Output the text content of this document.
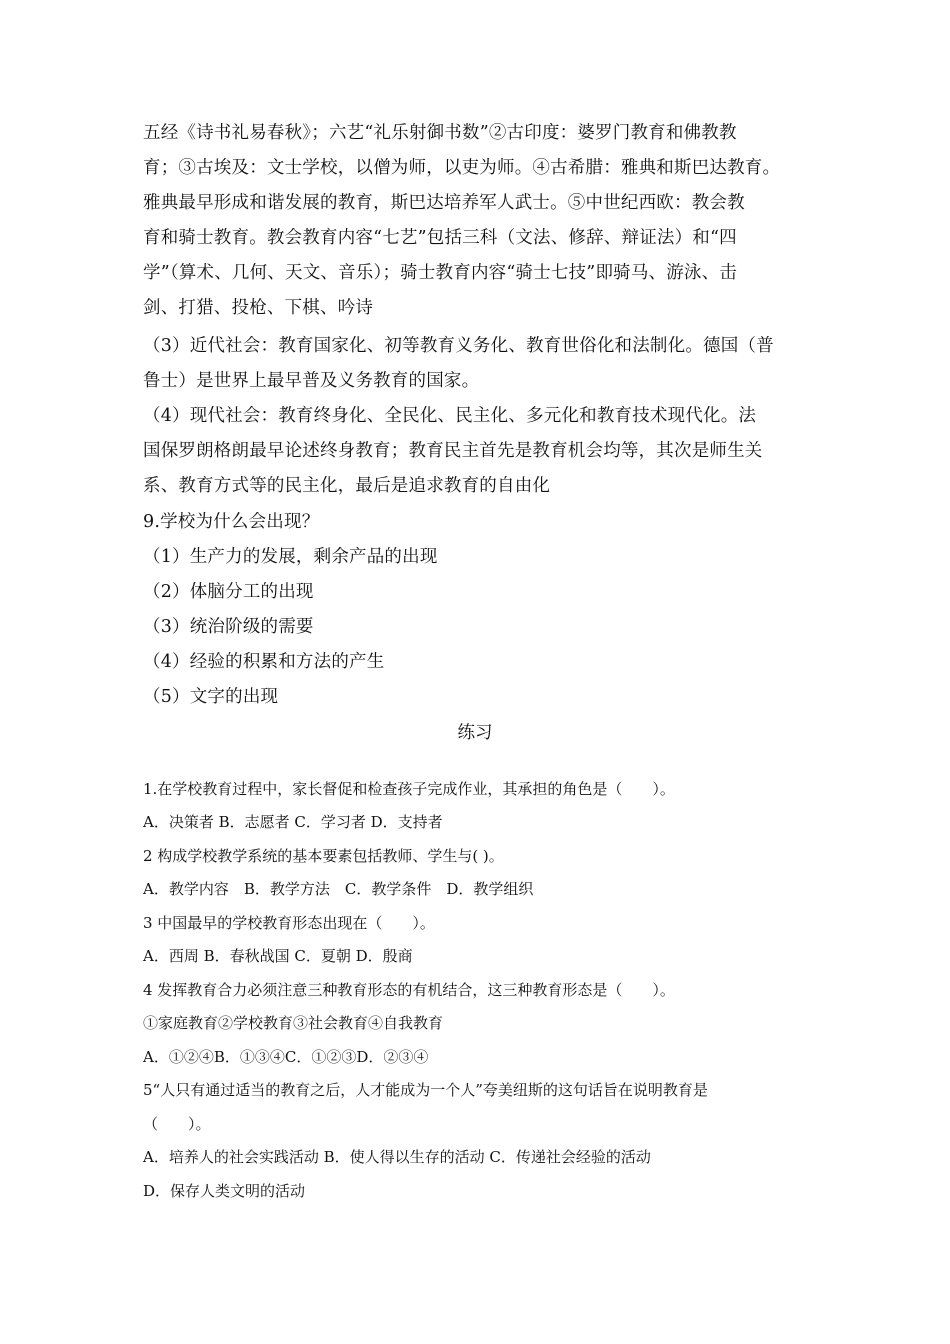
五经《诗书礼易春秋》；六艺“礼乐射御书数”②古印度：婆罗门教育和佛教教

育；③古埃及：文士学校，以僧为师，以吏为师。④古希腊：雅典和斯巴达教育。

雅典最早形成和谐发展的教育，斯巴达培养军人武士。⑤中世纪西欧：教会教

育和骑士教育。教会教育内容“七艺”包括三科（文法、修辞、辩证法）和“四

学”（算术、几何、天文、音乐）；骑士教育内容“骑士七技”即骑马、游泳、击

剑、打猎、投枪、下棋、吟诗

（3）近代社会：教育国家化、初等教育义务化、教育世俗化和法制化。德国（普

鲁士）是世界上最早普及义务教育的国家。

（4）现代社会：教育终身化、全民化、民主化、多元化和教育技术现代化。法

国保罗朗格朗最早论述终身教育；教育民主首先是教育机会均等，其次是师生关

系、教育方式等的民主化，最后是追求教育的自由化

9.学校为什么会出现？

（1）生产力的发展，剩余产品的出现

（2）体脑分工的出现

（3）统治阶级的需要

（4）经验的积累和方法的产生

（5）文字的出现

练习

1.在学校教育过程中，家长督促和检查孩子完成作业，其承担的角色是（　　）。

A．决策者 B．志愿者 C．学习者 D．支持者

2 构成学校教学系统的基本要素包括教师、学生与( )。

A．教学内容　B．教学方法　C．教学条件　D．教学组织

3 中国最早的学校教育形态出现在（　　）。

A．西周 B．春秋战国 C．夏朝 D．殷商

4 发挥教育合力必须注意三种教育形态的有机结合，这三种教育形态是（　　）。

①家庭教育②学校教育③社会教育④自我教育

A．①②④B．①③④C．①②③D．②③④

5“人只有通过适当的教育之后，人才能成为一个人”夸美纽斯的这句话旨在说明教育是

（　　）。

A．培养人的社会实践活动 B．使人得以生存的活动 C．传递社会经验的活动

D．保存人类文明的活动
